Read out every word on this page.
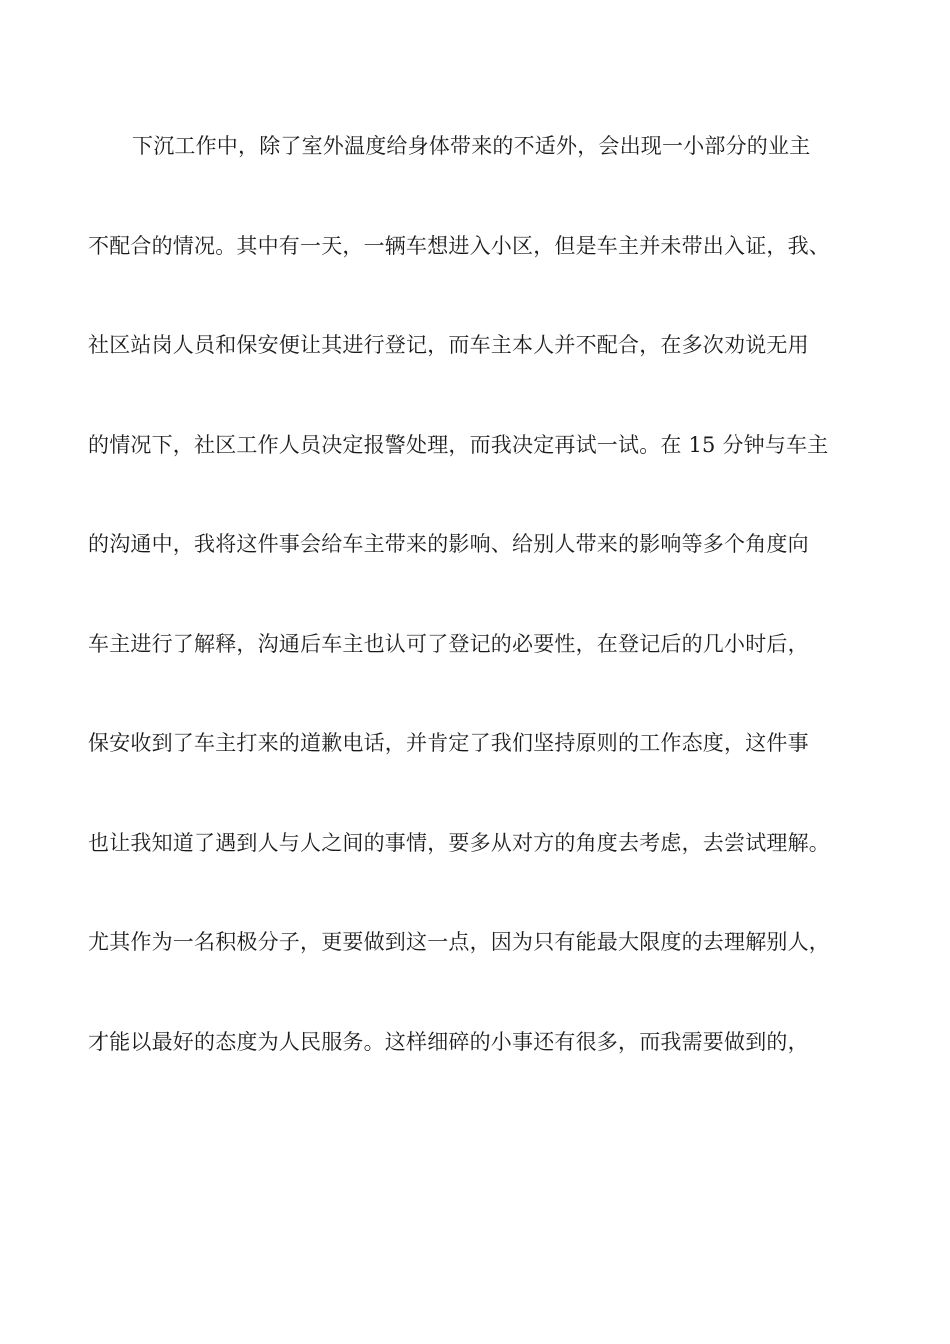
下沉工作中，除了室外温度给身体带来的不适外，会出现一小部分的业主
不配合的情况。其中有一天，一辆车想进入小区，但是车主并未带出入证，我、
社区站岗人员和保安便让其进行登记，而车主本人并不配合，在多次劝说无用
的情况下，社区工作人员决定报警处理，而我决定再试一试。在 15 分钟与车主
的沟通中，我将这件事会给车主带来的影响、给别人带来的影响等多个角度向
车主进行了解释，沟通后车主也认可了登记的必要性，在登记后的几小时后，
保安收到了车主打来的道歉电话，并肯定了我们坚持原则的工作态度，这件事
也让我知道了遇到人与人之间的事情，要多从对方的角度去考虑，去尝试理解。
尤其作为一名积极分子，更要做到这一点，因为只有能最大限度的去理解别人，
才能以最好的态度为人民服务。这样细碎的小事还有很多，而我需要做到的，
